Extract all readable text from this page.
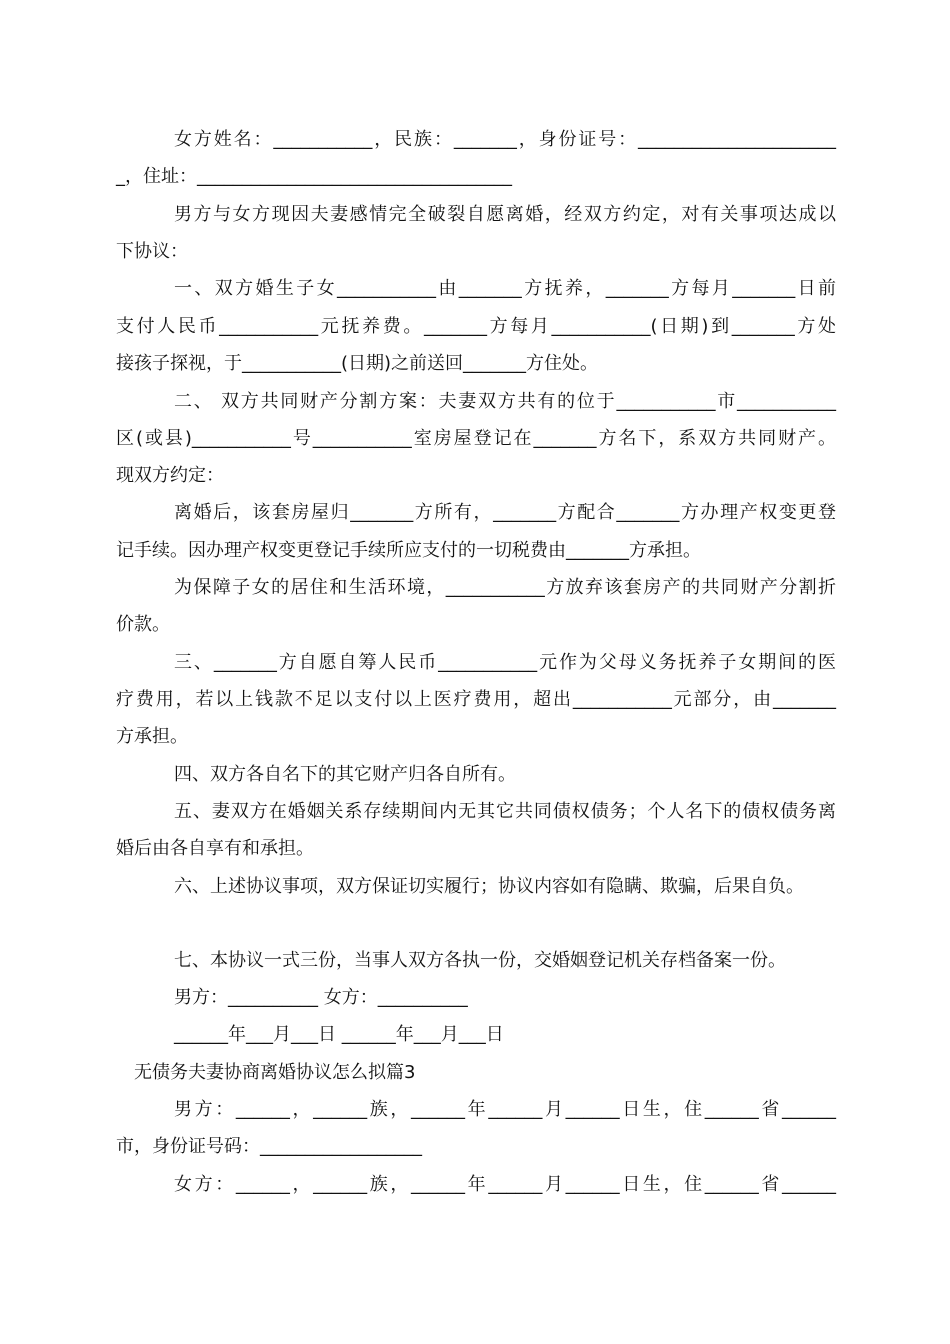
女方姓名：___________，民族：_______，身份证号：______________________
_，住址：___________________________________
男方与女方现因夫妻感情完全破裂自愿离婚，经双方约定，对有关事项达成以
下协议：
一、双方婚生子女___________由_______方抚养，_______方每月_______日前
支付人民币___________元抚养费。_______方每月___________(日期)到_______方处
接孩子探视，于___________(日期)之前送回_______方住处。
二、 双方共同财产分割方案：夫妻双方共有的位于___________市___________
区(或县)___________号___________室房屋登记在_______方名下，系双方共同财产。
现双方约定：
离婚后，该套房屋归_______方所有，_______方配合_______方办理产权变更登
记手续。因办理产权变更登记手续所应支付的一切税费由_______方承担。
为保障子女的居住和生活环境，___________方放弃该套房产的共同财产分割折
价款。
三、_______方自愿自筹人民币___________元作为父母义务抚养子女期间的医
疗费用，若以上钱款不足以支付以上医疗费用，超出___________元部分，由_______
方承担。
四、双方各自名下的其它财产归各自所有。
五、妻双方在婚姻关系存续期间内无其它共同债权债务；个人名下的债权债务离
婚后由各自享有和承担。
六、上述协议事项，双方保证切实履行；协议内容如有隐瞒、欺骗，后果自负。
七、本协议一式三份，当事人双方各执一份，交婚姻登记机关存档备案一份。
男方：__________ 女方：__________
______年___月___日 ______年___月___日
无债务夫妻协商离婚协议怎么拟篇3
男方：______，______族，______年______月______日生，住______省______
市，身份证号码：__________________
女方：______，______族，______年______月______日生，住______省______
